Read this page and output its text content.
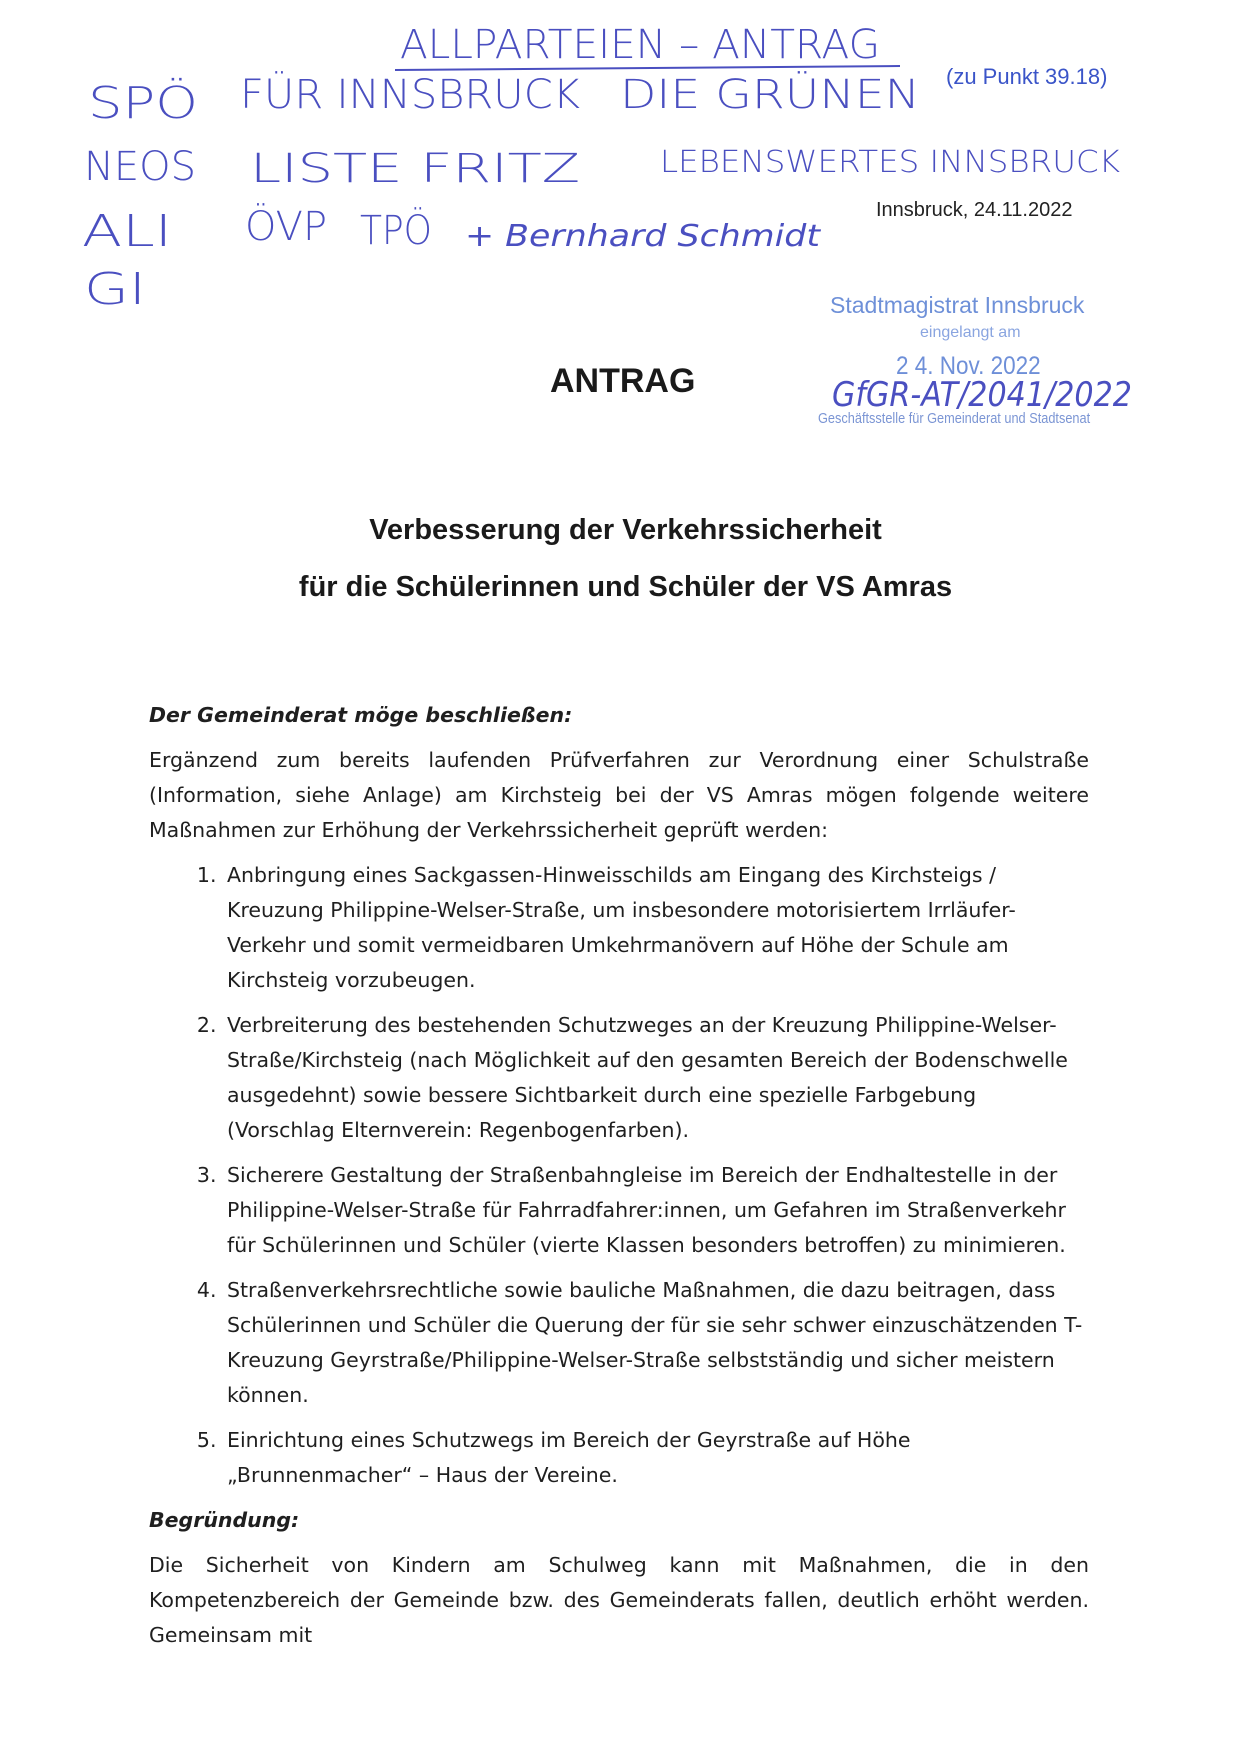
ALLPARTEIEN – ANTRAG
SPÖ	FÜR INNSBRUCK	DIE GRÜNEN
NEOS LISTE FRITZ	LEBENSWERTES INNSBRUCK
ALI ÖVP TPÖ + Bernhard Schmidt
GI
(zu Punkt 39.18)
Innsbruck, 24.11.2022
Stadtmagistrat Innsbruck
eingelangt am
2 4. Nov. 2022
GfGR-AT/2041/2022
Geschäftsstelle für Gemeinderat und Stadtsenat
ANTRAG
Verbesserung der Verkehrssicherheit
für die Schülerinnen und Schüler der VS Amras
Der Gemeinderat möge beschließen:

Ergänzend zum bereits laufenden Prüfverfahren zur Verordnung einer Schulstraße (Information, siehe Anlage) am Kirchsteig bei der VS Amras mögen folgende weitere Maßnahmen zur Erhöhung der Verkehrssicherheit geprüft werden:

1. Anbringung eines Sackgassen-Hinweisschilds am Eingang des Kirchsteigs / Kreuzung Philippine-Welser-Straße, um insbesondere motorisiertem Irrläufer-Verkehr und somit vermeidbaren Umkehrmanövern auf Höhe der Schule am Kirchsteig vorzubeugen.
2. Verbreiterung des bestehenden Schutzweges an der Kreuzung Philippine-Welser-Straße/Kirchsteig (nach Möglichkeit auf den gesamten Bereich der Bodenschwelle ausgedehnt) sowie bessere Sichtbarkeit durch eine spezielle Farbgebung (Vorschlag Elternverein: Regenbogenfarben).
3. Sicherere Gestaltung der Straßenbahngleise im Bereich der Endhaltestelle in der Philippine-Welser-Straße für Fahrradfahrer:innen, um Gefahren im Straßenverkehr für Schülerinnen und Schüler (vierte Klassen besonders betroffen) zu minimieren.
4. Straßenverkehrsrechtliche sowie bauliche Maßnahmen, die dazu beitragen, dass Schülerinnen und Schüler die Querung der für sie sehr schwer einzuschätzenden T-Kreuzung Geyrstraße/Philippine-Welser-Straße selbstständig und sicher meistern können.
5. Einrichtung eines Schutzwegs im Bereich der Geyrstraße auf Höhe „Brunnenmacher“ – Haus der Vereine.
Begründung:

Die Sicherheit von Kindern am Schulweg kann mit Maßnahmen, die in den Kompetenzbereich der Gemeinde bzw. des Gemeinderats fallen, deutlich erhöht werden. Gemeinsam mit
